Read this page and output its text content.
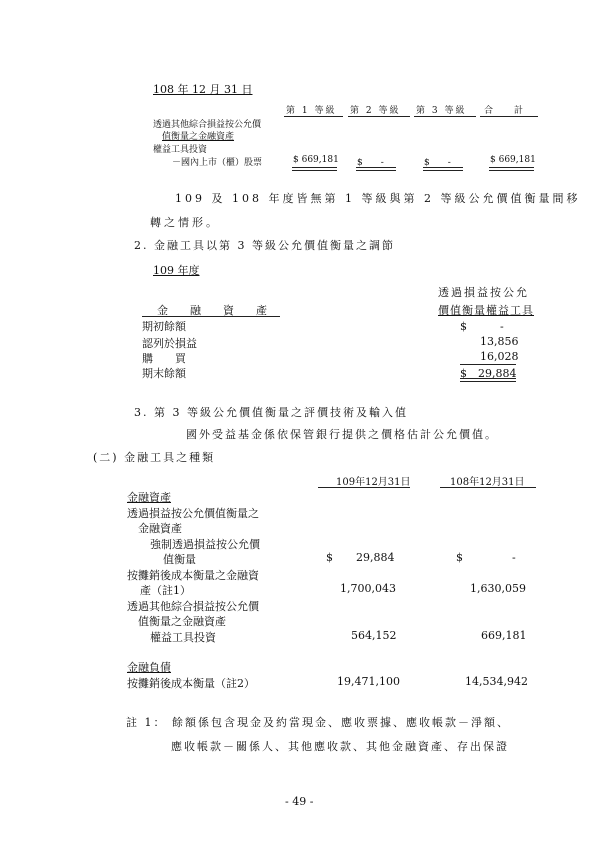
108 年 12 月 31 日
第 1 等級 第 2 等級 第 3 等級 合　　計
透過其他綜合損益按公允價
值衡量之金融資產
權益工具投資
－國內上市（櫃）股票	$ 669,181 $　　-	$　　-	$ 669,181
109 及 108 年度皆無第 1 等級與第 2 等級公允價值衡量間移
轉之情形。
2. 金融工具以第 3 等級公允價值衡量之調節
109 年度
透過損益按公允
價值衡量權益工具
金　　融　　資　　產
期初餘額	$　　　-
認列於損益	13,856
購　　買	16,028
期末餘額	$　29,884
3. 第 3 等級公允價值衡量之評價技術及輸入值
國外受益基金係依保管銀行提供之價格估計公允價值。
(二) 金融工具之種類
109年12月31日	108年12月31日
金融資產
透過損益按公允價值衡量之
金融資產
強制透過損益按公允價
值衡量	$ 29,884	$	-
按攤銷後成本衡量之金融資
產（註1）	1,700,043	1,630,059
透過其他綜合損益按公允價
值衡量之金融資產
權益工具投資	564,152	669,181
金融負債
按攤銷後成本衡量（註2）	19,471,100	14,534,942
註 1： 餘額係包含現金及約當現金、應收票據、應收帳款－淨額、
應收帳款－關係人、其他應收款、其他金融資產、存出保證
- 49 -
